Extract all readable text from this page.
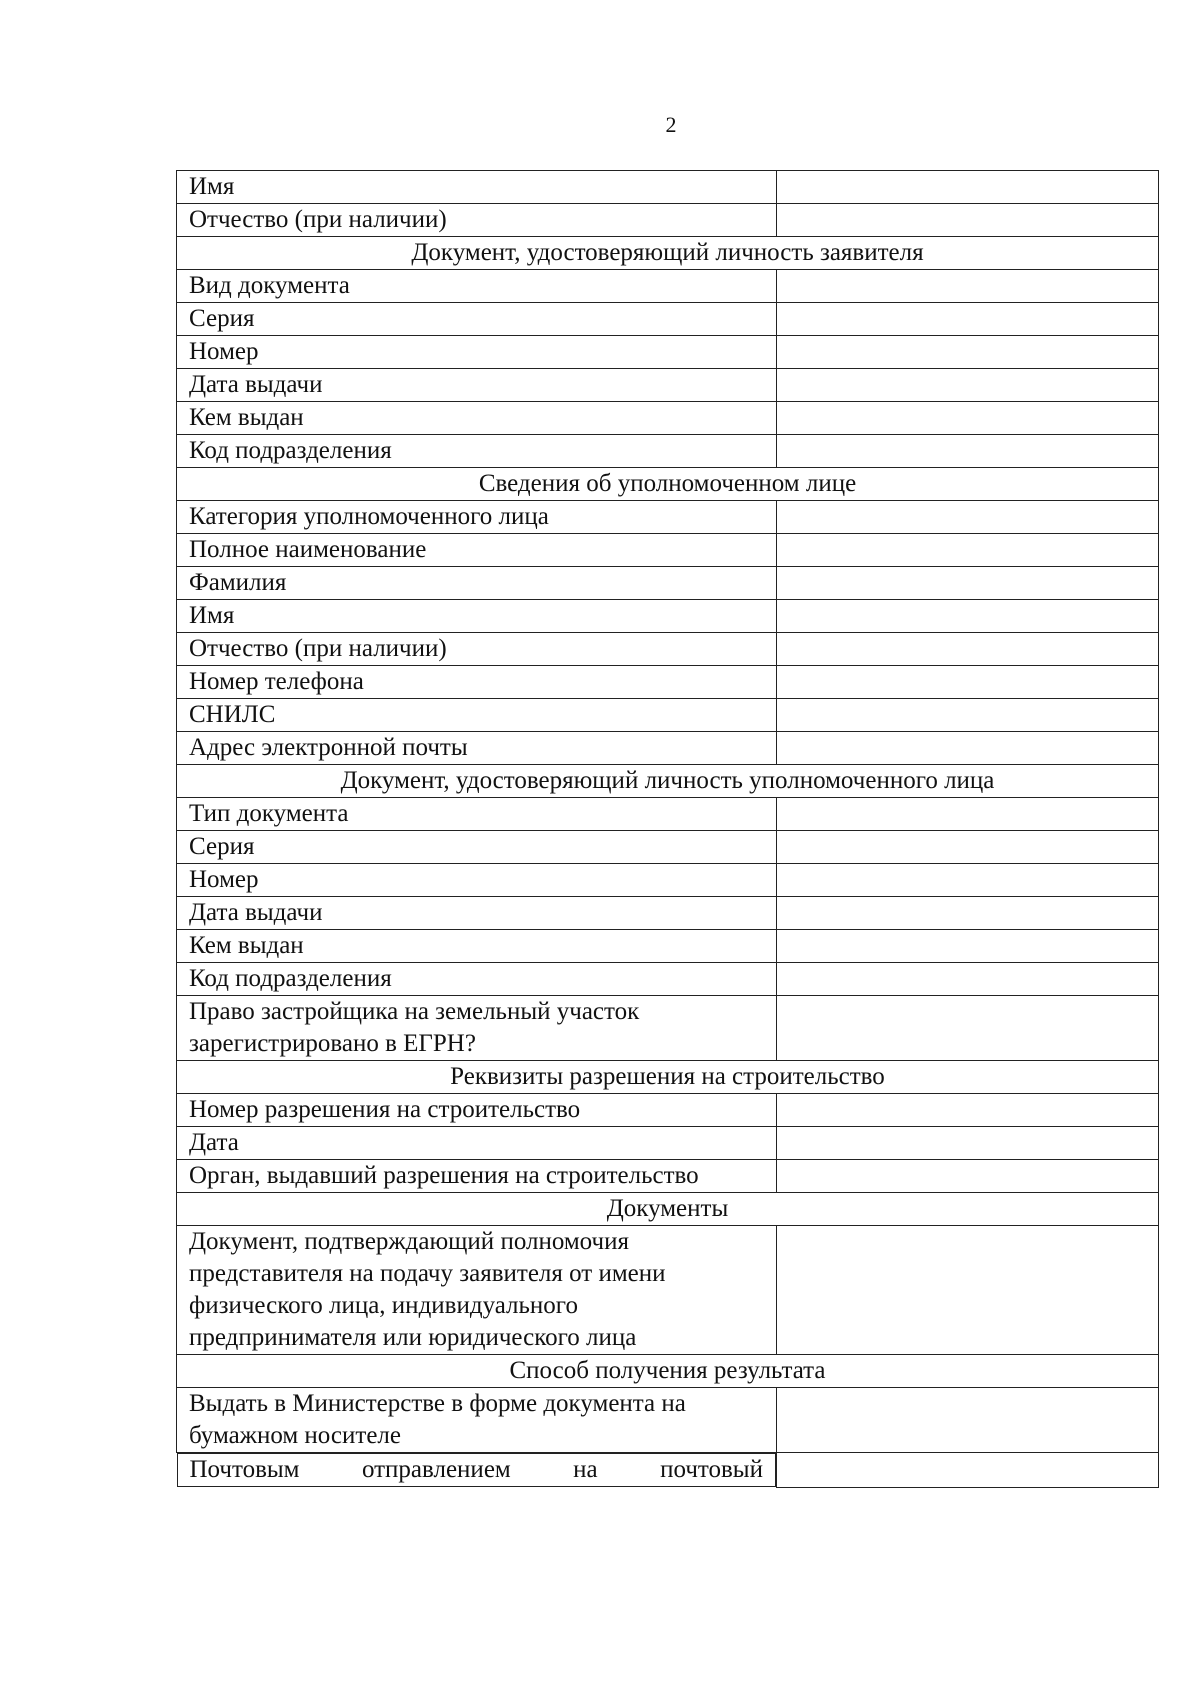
2
Имя	
Отчество (при наличии)	
Документ, удостоверяющий личность заявителя	
Вид документа	
Серия	
Номер	
Дата выдачи	
Кем выдан	
Код подразделения	
Сведения об уполномоченном лице	
Категория уполномоченного лица	
Полное наименование	
Фамилия	
Имя	
Отчество (при наличии)	
Номер телефона	
СНИЛС	
Адрес электронной почты	
Документ, удостоверяющий личность уполномоченного лица	
Тип документа	
Серия	
Номер	
Дата выдачи	
Кем выдан	
Код подразделения	
Право застройщика на земельный участок зарегистрировано в ЕГРН?	
Реквизиты разрешения на строительство	
Номер разрешения на строительство	
Дата	
Орган, выдавший разрешения на строительство	
Документы	
Документ, подтверждающий полномочия представителя на подачу заявителя от имени физического лица, индивидуального предпринимателя или юридического лица	
Способ получения результата	
Выдать в Министерстве в форме документа на бумажном носителе	

Почтовым отправлением на почтовый
